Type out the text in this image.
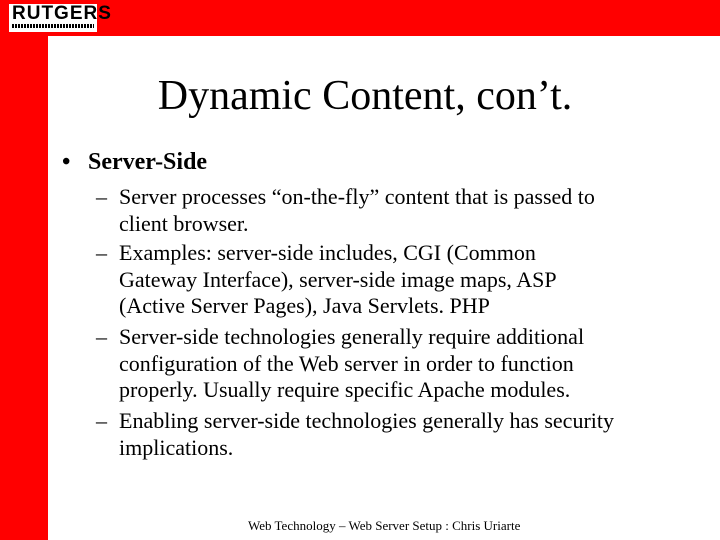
RUTGERS
Dynamic Content, con’t.
• Server-Side
– Server processes “on-the-fly” content that is passed to
client browser.
– Examples: server-side includes, CGI (Common
Gateway Interface), server-side image maps, ASP
(Active Server Pages), Java Servlets. PHP
– Server-side technologies generally require additional
configuration of the Web server in order to function
properly. Usually require specific Apache modules.
– Enabling server-side technologies generally has security
implications.
Web Technology – Web Server Setup : Chris Uriarte
